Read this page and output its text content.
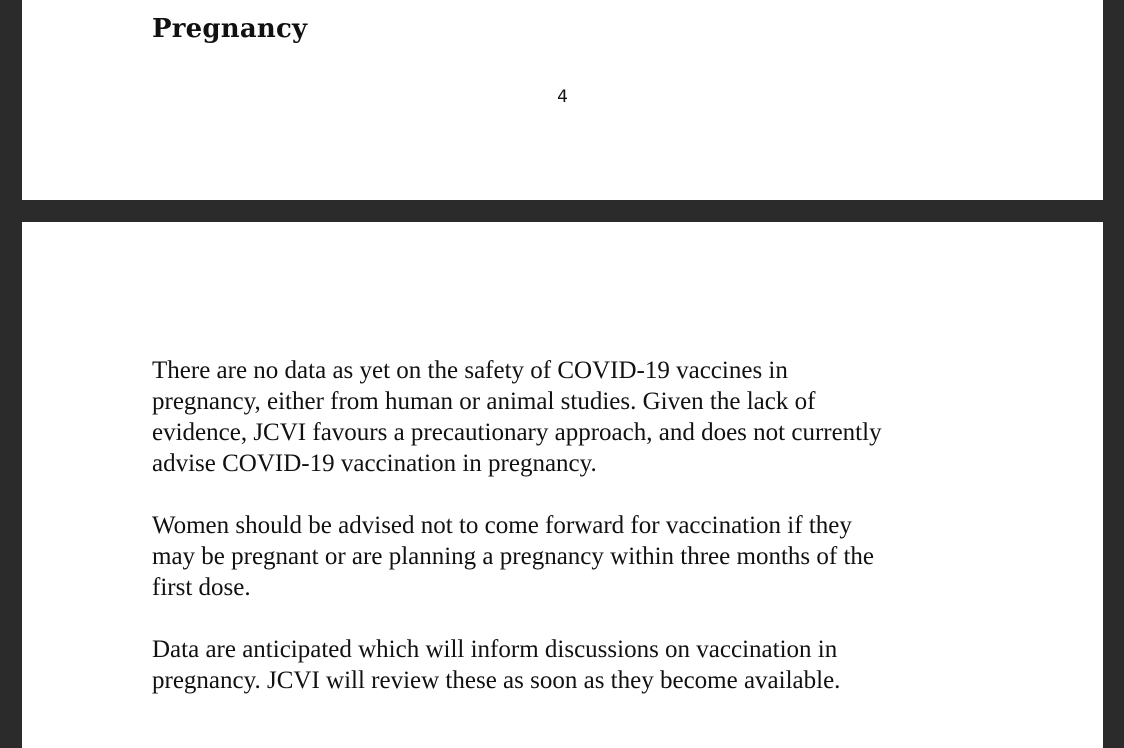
Pregnancy
4

There are no data as yet on the safety of COVID-19 vaccines in
pregnancy, either from human or animal studies. Given the lack of
evidence, JCVI favours a precautionary approach, and does not currently
advise COVID-19 vaccination in pregnancy.

Women should be advised not to come forward for vaccination if they
may be pregnant or are planning a pregnancy within three months of the
first dose.

Data are anticipated which will inform discussions on vaccination in
pregnancy. JCVI will review these as soon as they become available.
